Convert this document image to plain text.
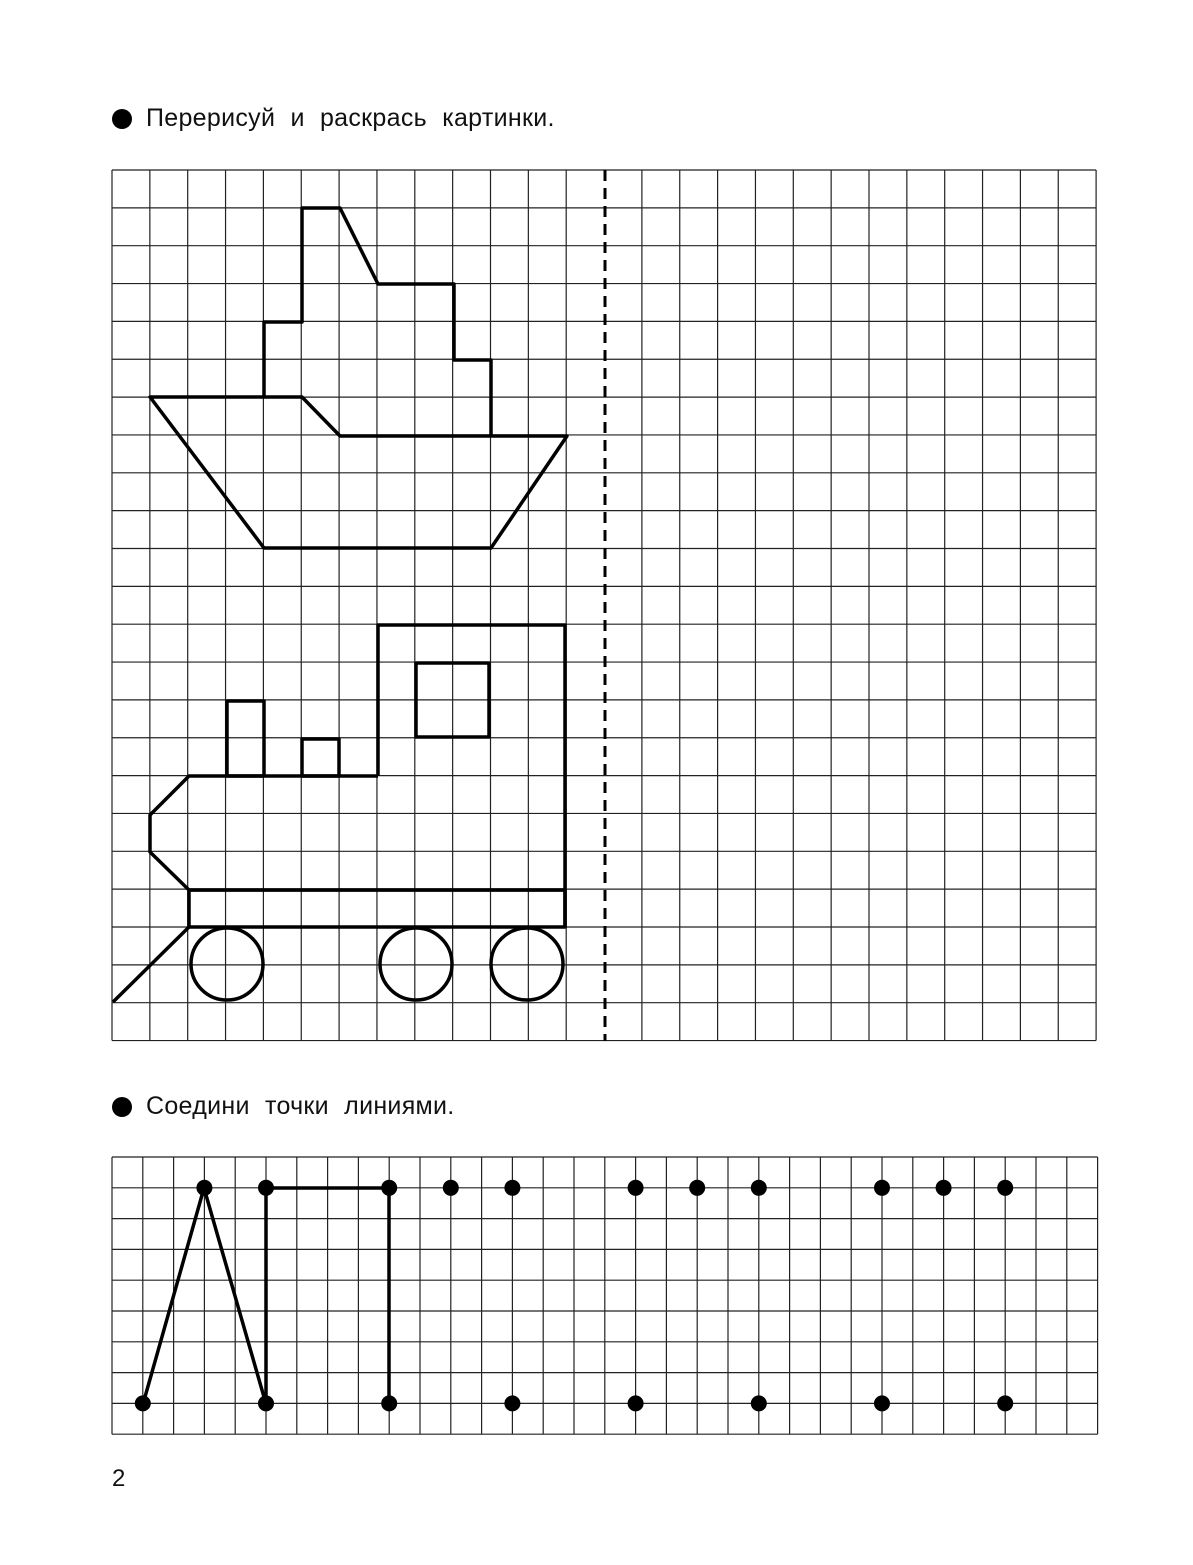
Перерисуй и раскрась картинки.
Соедини точки линиями.
2
